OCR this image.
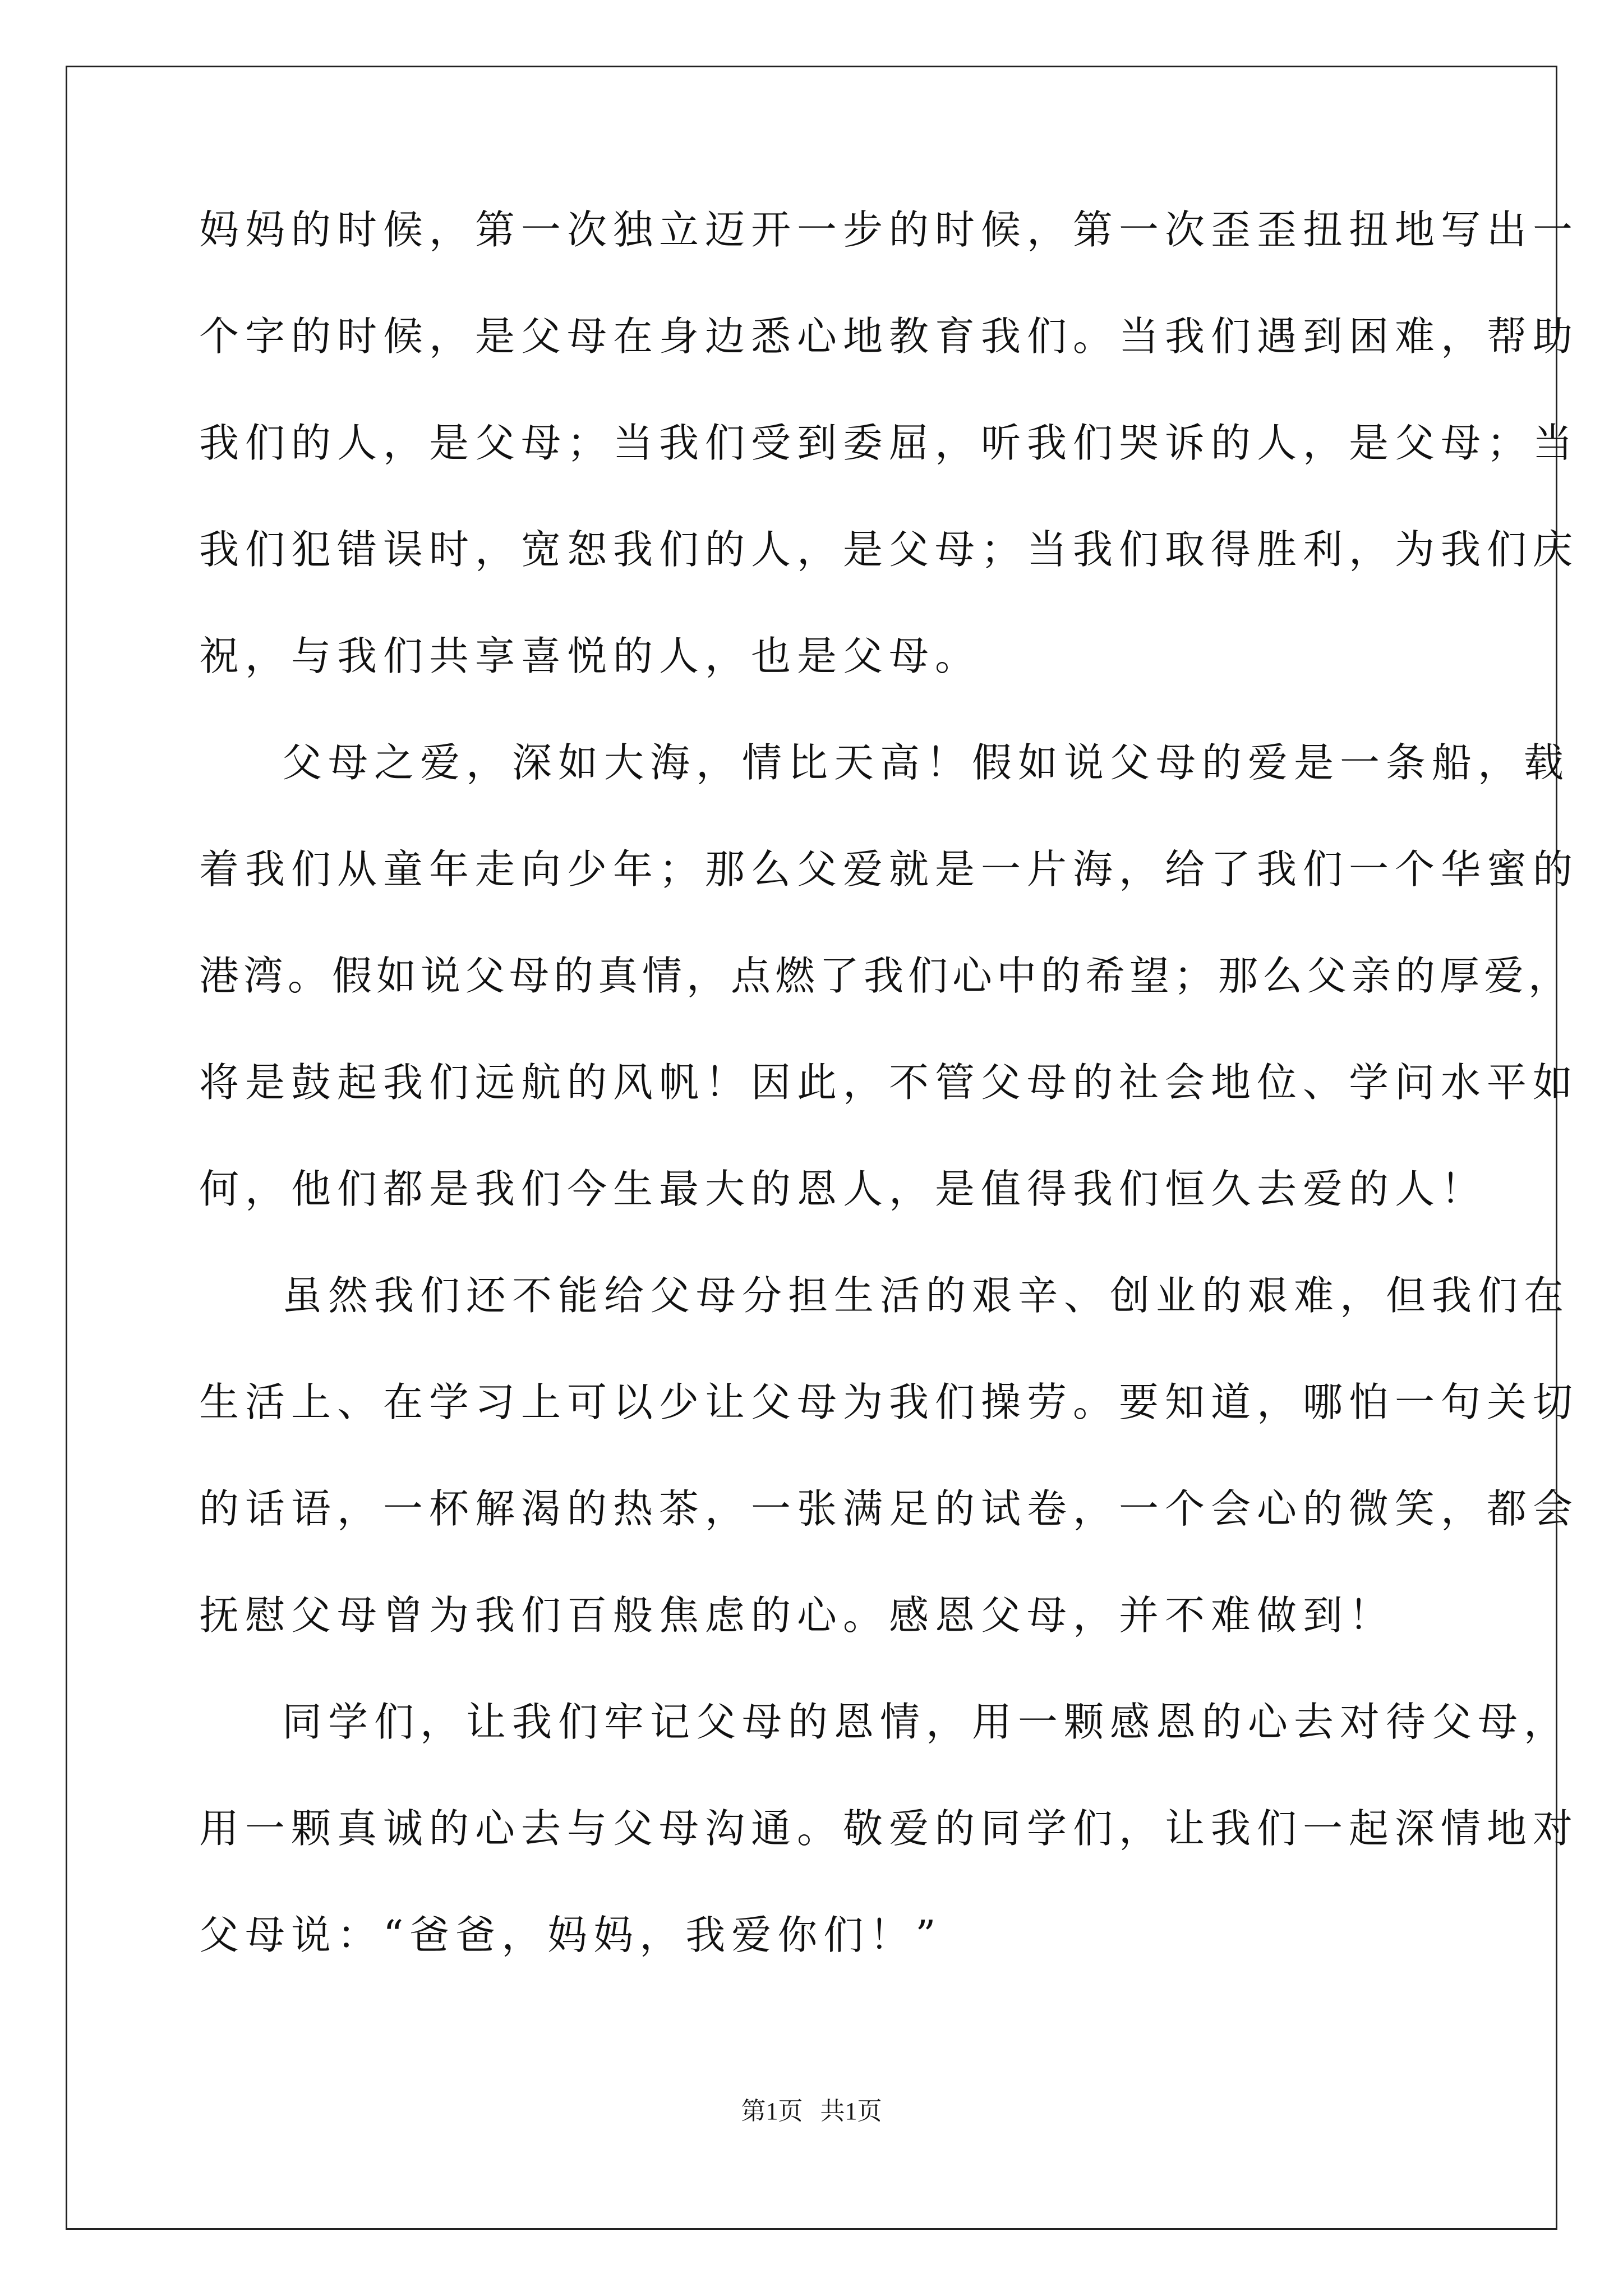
妈妈的时候，第一次独立迈开一步的时候，第一次歪歪扭扭地写出一
个字的时候，是父母在身边悉心地教育我们。当我们遇到困难，帮助
我们的人，是父母；当我们受到委屈，听我们哭诉的人，是父母；当
我们犯错误时，宽恕我们的人，是父母；当我们取得胜利，为我们庆
祝，与我们共享喜悦的人，也是父母。
父母之爱，深如大海，情比天高！假如说父母的爱是一条船，载
着我们从童年走向少年；那么父爱就是一片海，给了我们一个华蜜的
港湾。假如说父母的真情，点燃了我们心中的希望；那么父亲的厚爱，
将是鼓起我们远航的风帆！因此，不管父母的社会地位、学问水平如
何，他们都是我们今生最大的恩人，是值得我们恒久去爱的人！
虽然我们还不能给父母分担生活的艰辛、创业的艰难，但我们在
生活上、在学习上可以少让父母为我们操劳。要知道，哪怕一句关切
的话语，一杯解渴的热茶，一张满足的试卷，一个会心的微笑，都会
抚慰父母曾为我们百般焦虑的心。感恩父母，并不难做到！
同学们，让我们牢记父母的恩情，用一颗感恩的心去对待父母，
用一颗真诚的心去与父母沟通。敬爱的同学们，让我们一起深情地对
父母说：“爸爸，妈妈，我爱你们！”
第1页 共1页
